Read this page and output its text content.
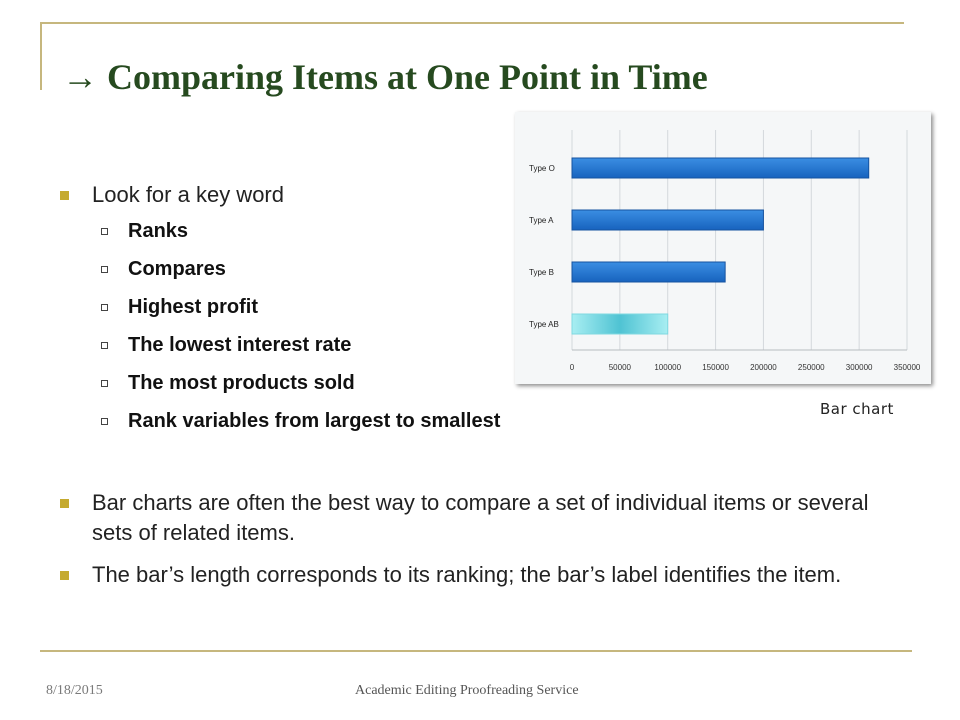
→ Comparing Items at One Point in Time
0	50000	100000	150000	200000	250000	300000	350000
Type O
Type A
Type B
Type AB
Look for a key word
Ranks
Compares
Highest profit
The lowest interest rate
The most products sold
Rank variables from largest to smallest
Bar charts are often the best way to compare a set of individual items or several sets of related items.
The bar’s length corresponds to its ranking; the bar’s label identifies the item.
Bar chart
8/18/2015	Academic Editing Proofreading Service
